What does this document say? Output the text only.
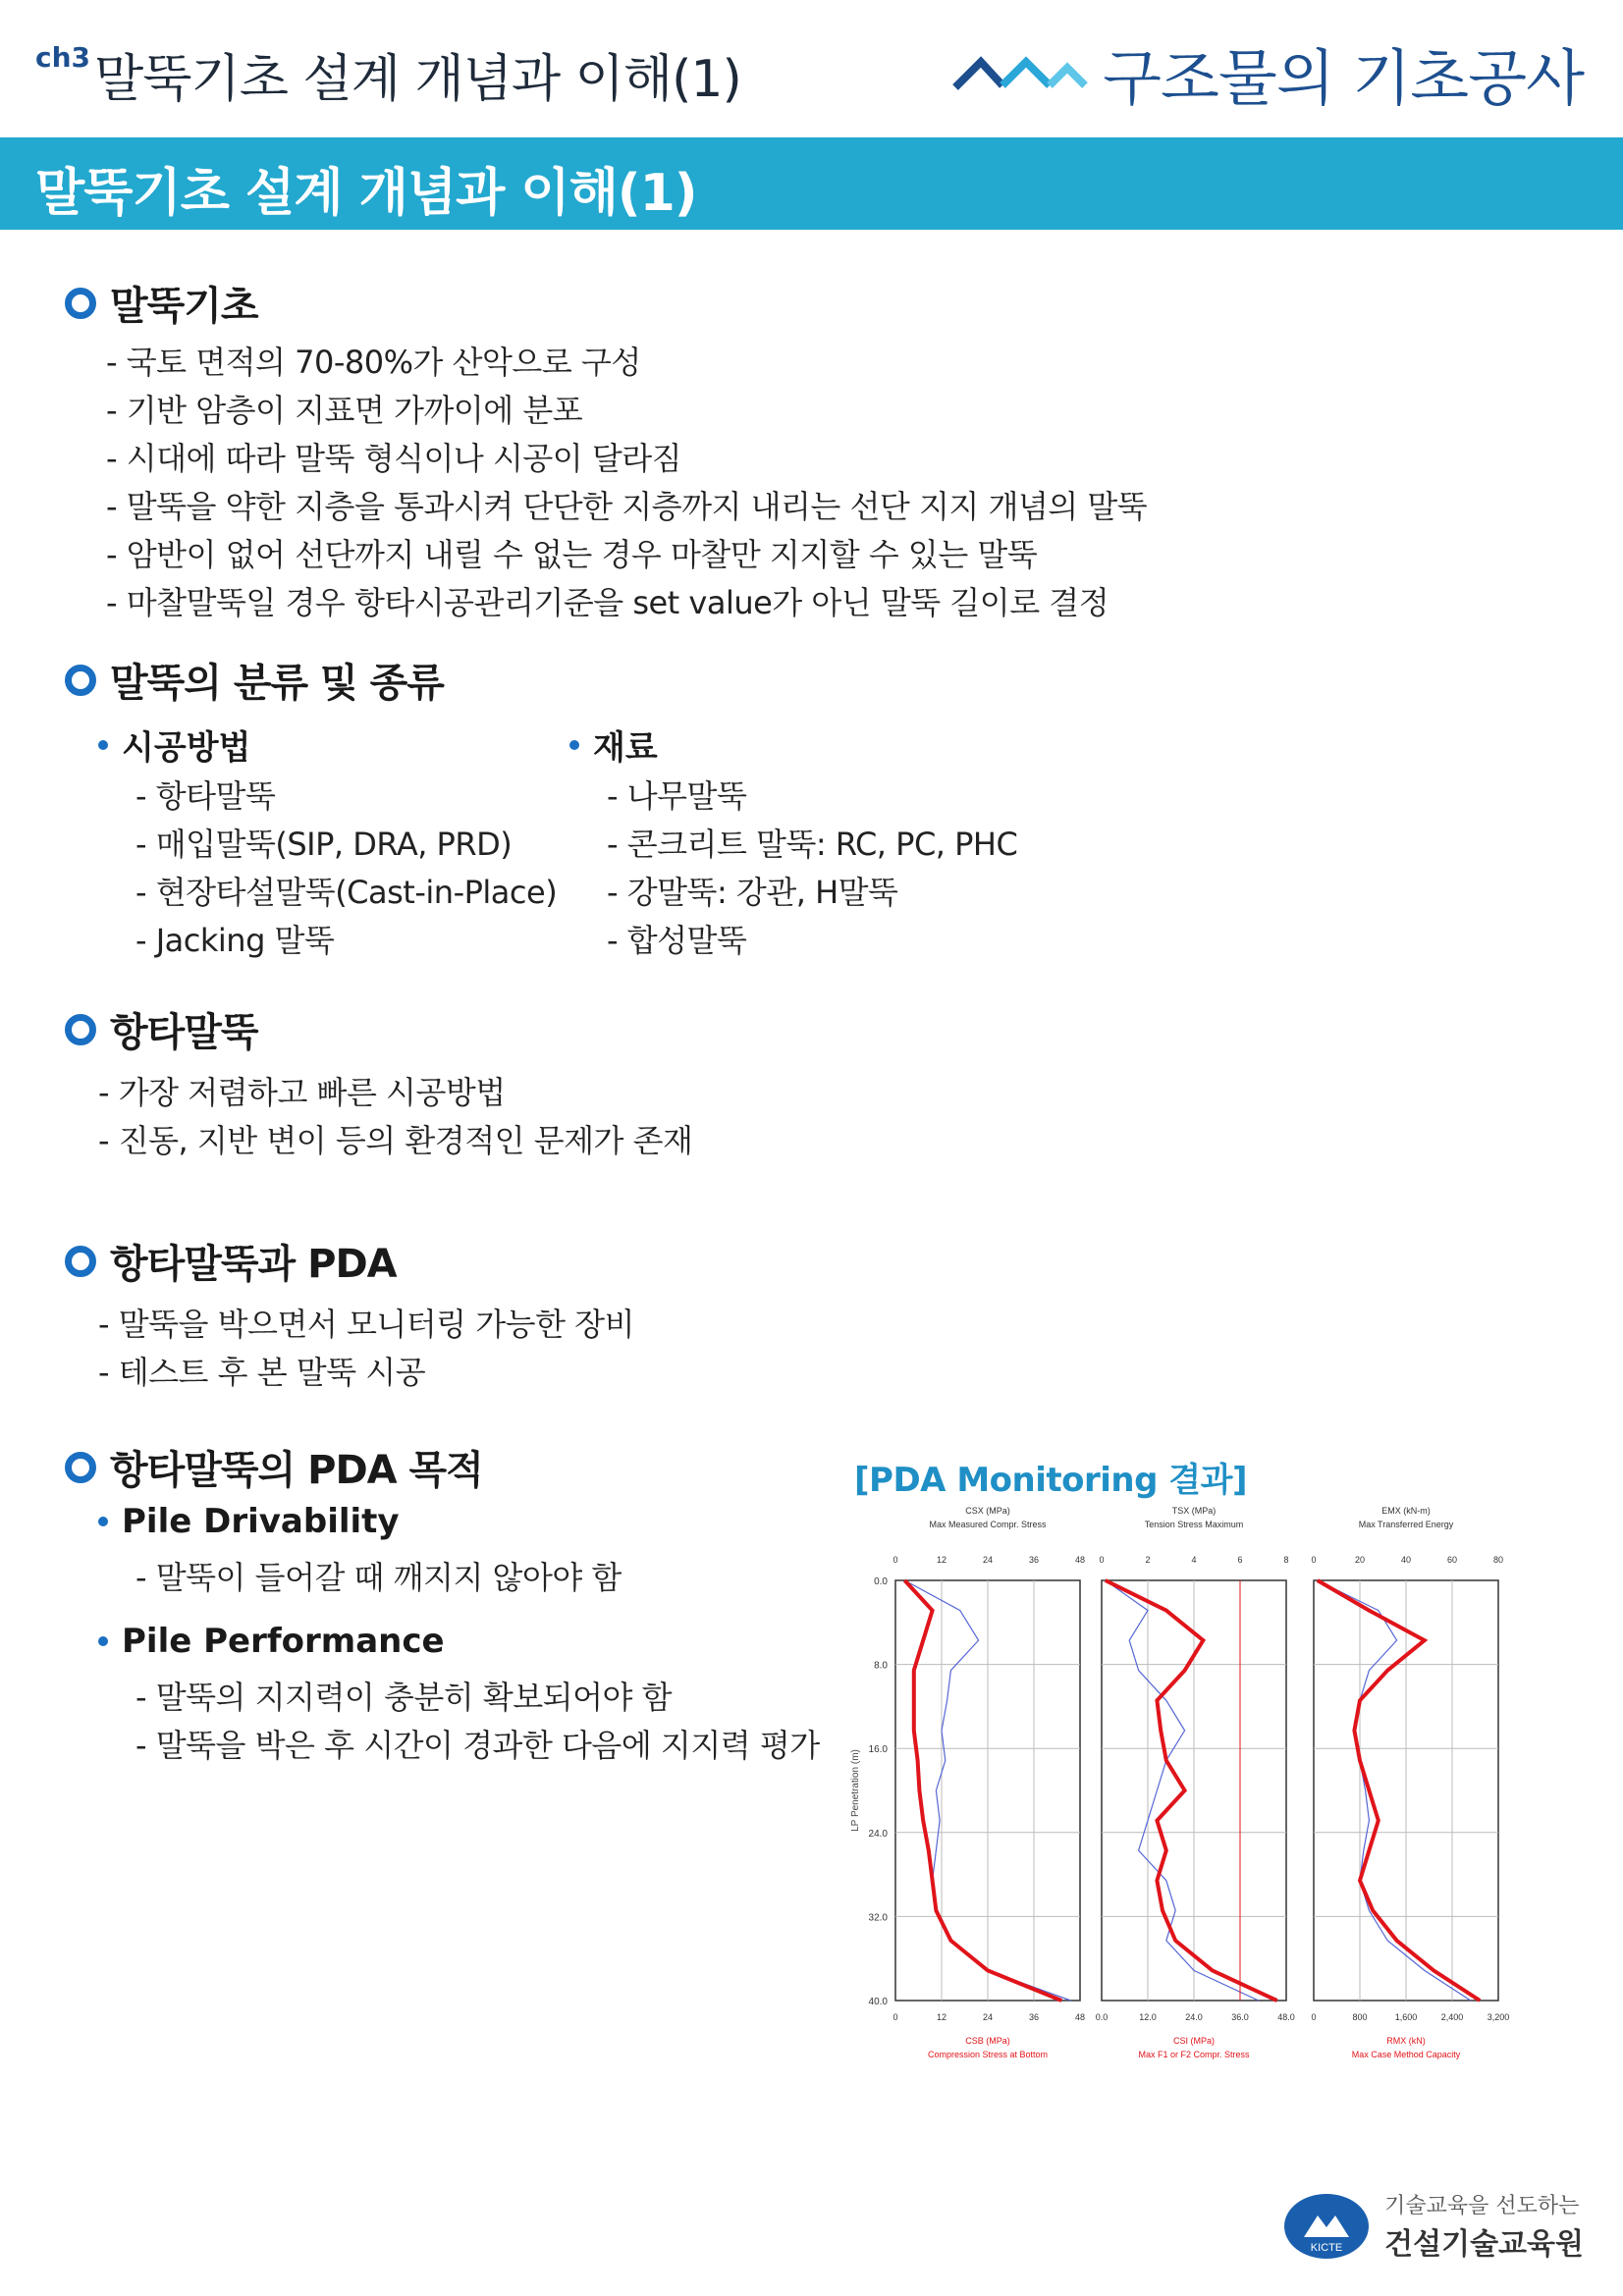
ch3 말뚝기초 설계 개념과 이해(1)	구조물의 기초공사
말뚝기초 설계 개념과 이해(1)
말뚝기초
- 국토 면적의 70-80%가 산악으로 구성
- 기반 암층이 지표면 가까이에 분포
- 시대에 따라 말뚝 형식이나 시공이 달라짐
- 말뚝을 약한 지층을 통과시켜 단단한 지층까지 내리는 선단 지지 개념의 말뚝
- 암반이 없어 선단까지 내릴 수 없는 경우 마찰만 지지할 수 있는 말뚝
- 마찰말뚝일 경우 항타시공관리기준을 set value가 아닌 말뚝 길이로 결정
말뚝의 분류 및 종류
시공방법
- 항타말뚝
- 매입말뚝(SIP, DRA, PRD)
- 현장타설말뚝(Cast-in-Place)
- Jacking 말뚝
재료
- 나무말뚝
- 콘크리트 말뚝: RC, PC, PHC
- 강말뚝: 강관, H말뚝
- 합성말뚝
항타말뚝
- 가장 저렴하고 빠른 시공방법
- 진동, 지반 변이 등의 환경적인 문제가 존재
항타말뚝과 PDA
- 말뚝을 박으면서 모니터링 가능한 장비
- 테스트 후 본 말뚝 시공
항타말뚝의 PDA 목적
Pile Drivability
- 말뚝이 들어갈 때 깨지지 않아야 함
Pile Performance
- 말뚝의 지지력이 충분히 확보되어야 함
- 말뚝을 박은 후 시간이 경과한 다음에 지지력 평가
[PDA Monitoring 결과]
LP Penetration (m)
0.0
8.0
16.0
24.0
32.0
40.0
CSX (MPa)
Max Measured Compr. Stress
0	12	24	36	48
0	12	24	36	48
CSB (MPa)
Compression Stress at Bottom
TSX (MPa)
Tension Stress Maximum
0	2	4	6	8
0.0	12.0	24.0	36.0	48.0
CSI (MPa)
Max F1 or F2 Compr. Stress
EMX (kN-m)
Max Transferred Energy
0	20	40	60	80
0	800	1,600	2,400	3,200
RMX (kN)
Max Case Method Capacity
KICTE
기술교육을 선도하는
건설기술교육원
